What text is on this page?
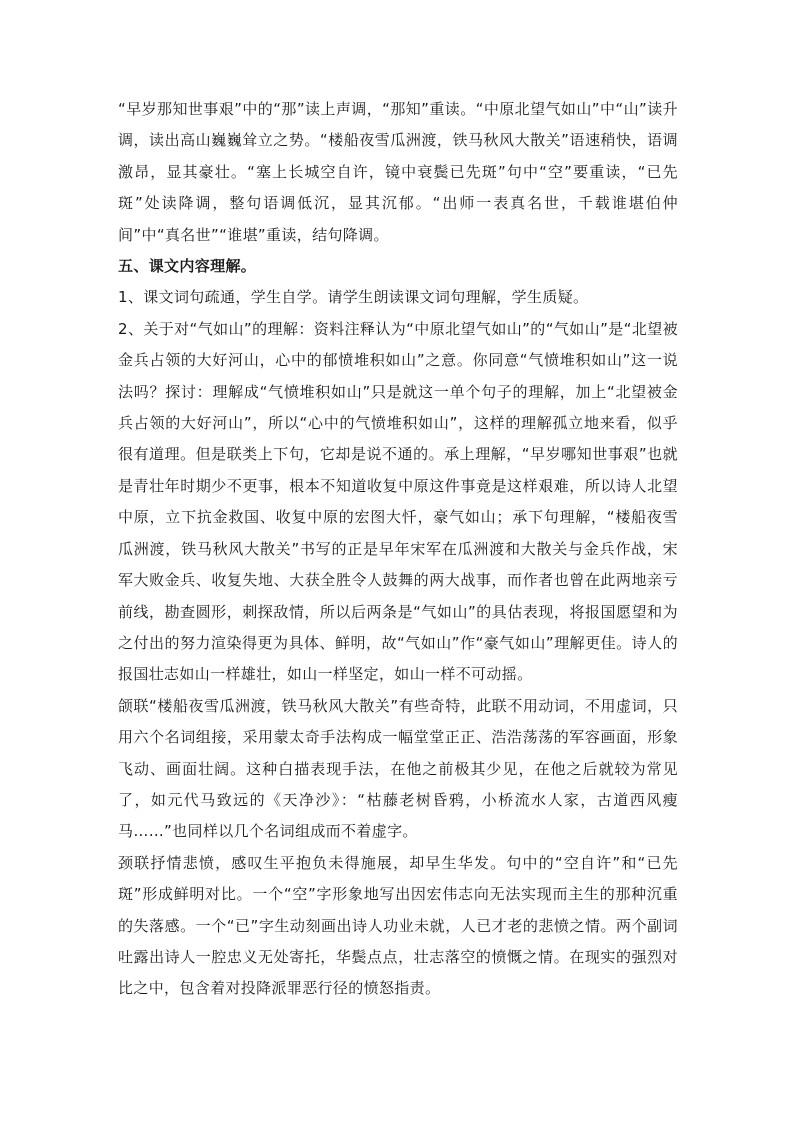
“早岁那知世事艰”中的“那”读上声调，“那知”重读。“中原北望气如山”中“山”读升调，读出高山巍巍耸立之势。“楼船夜雪瓜洲渡，铁马秋风大散关”语速稍快，语调激昂，显其豪壮。“塞上长城空自许，镜中衰鬓已先斑”句中“空”要重读，“已先斑”处读降调，整句语调低沉，显其沉郁。“出师一表真名世，千载谁堪伯仲间”中“真名世”“谁堪”重读，结句降调。

五、课文内容理解。

1、课文词句疏通，学生自学。请学生朗读课文词句理解，学生质疑。

2、关于对“气如山”的理解：资料注释认为“中原北望气如山”的“气如山”是“北望被金兵占领的大好河山，心中的郁愤堆积如山”之意。你同意“气愤堆积如山”这一说法吗？探讨：理解成“气愤堆积如山”只是就这一单个句子的理解，加上“北望被金兵占领的大好河山”，所以“心中的气愤堆积如山”，这样的理解孤立地来看，似乎很有道理。但是联类上下句，它却是说不通的。承上理解，“早岁哪知世事艰”也就是青壮年时期少不更事，根本不知道收复中原这件事竟是这样艰难，所以诗人北望中原，立下抗金救国、收复中原的宏图大忏，豪气如山；承下句理解，“楼船夜雪瓜洲渡，铁马秋风大散关”书写的正是早年宋军在瓜洲渡和大散关与金兵作战，宋军大败金兵、收复失地、大获全胜令人鼓舞的两大战事，而作者也曾在此两地亲亏前线，勘查圆形，刺探敌情，所以后两条是“气如山”的具估表现，将报国愿望和为之付出的努力渲染得更为具体、鲜明，故“气如山”作“豪气如山”理解更佳。诗人的报国壮志如山一样雄壮，如山一样坚定，如山一样不可动摇。

颌联“楼船夜雪瓜洲渡，铁马秋风大散关”有些奇特，此联不用动词，不用虚词，只用六个名词组接，采用蒙太奇手法构成一幅堂堂正正、浩浩荡荡的军容画面，形象飞动、画面壮阔。这种白描表现手法，在他之前极其少见，在他之后就较为常见了，如元代马致远的《天净沙》：“枯藤老树昏鸦，小桥流水人家，古道西风瘦马……”也同样以几个名词组成而不着虚字。

颈联抒情悲愤，感叹生平抱负未得施展，却早生华发。句中的“空自许”和“已先斑”形成鲜明对比。一个“空”字形象地写出因宏伟志向无法实现而主生的那种沉重的失落感。一个“已”字生动刻画出诗人功业未就，人已才老的悲愤之情。两个副词吐露出诗人一腔忠义无处寄托，华鬓点点，壮志落空的愤慨之情。在现实的强烈对比之中，包含着对投降派罪恶行径的愤怒指责。
